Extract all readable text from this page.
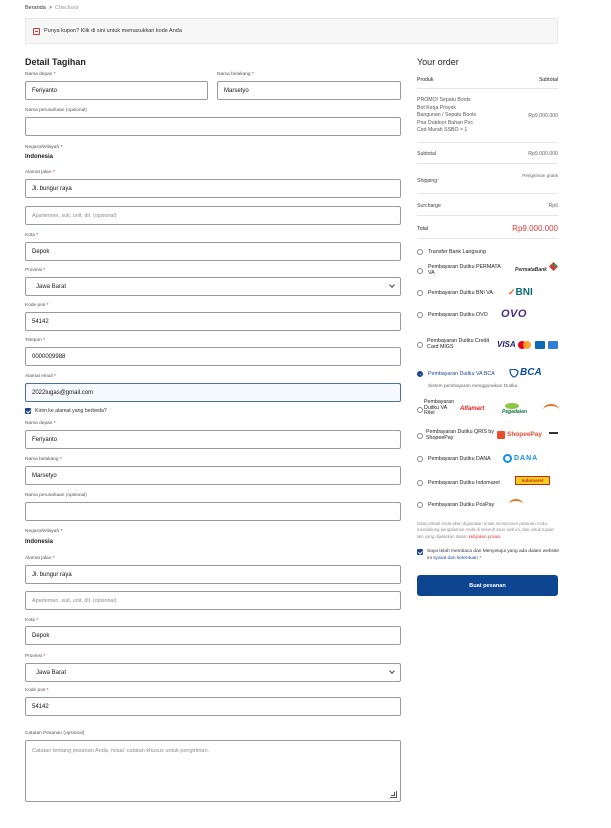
Beranda > Checkout
Punya kupon? Klik di sini untuk memasukkan kode Anda
Detail Tagihan	Your order
Nama depan *
Feriyanto
Nama belakang *
Marsetyo
Nama perusahaan (opsional)
Negara/Wilayah *
Indonesia
Alamat jalan *
Jl. bungur raya
Apartemen, suit, unit, dll. (opsional)
Kota *
Depok
Provinsi *
Jawa Barat
Kode pos *
54142
Telepon *
0000009988
Alamat email *
2022lugas@gmail.com
Kirim ke alamat yang berbeda?
Nama depan *
Feriyanto
Nama belakang *
Marsetyo
Nama perusahaan (opsional)
Negara/Wilayah *
Indonesia
Alamat jalan *
Jl. bungur raya
Apartemen, suit, unit, dll. (opsional)
Kota *
Depok
Provinsi *
Jawa Barat
Kode pos *
54142
Catatan Pesanan (opsional)
Catatan tentang pesanan Anda, misal: catatan khusus untuk pengiriman.
Produk	Subtotal
PROMO! Sepatu Boots
Bot Kerja Proyek
Bangunan / Sepatu Boots
Pria Outdoor Bahan Pvc
Cod Murah SSBO × 1
Rp9.000.000
Subtotal	Rp9.000.000
Shipping:
Pengiriman gratis
Surcharge	Rp0
Total	Rp9.000.000
Transfer Bank Langsung
Pembayaran Duitku PERMATA VA	PermataBank
Pembayaran Duitku BNI VA ✓BNI
Pembayaran Duitku OVO OVO
Pembayaran Duitku Credit Card MIGS	VISA
Pembayaran Duitku VA BCA	BCA
Sistem pembayaran menggunakan Duitku.
Pembayaran Duitku VA Ritel
Alfamart	Pegadaian
Pembayaran Duitku QRIS by ShopeePay	ShopeePay
Pembayaran Duitku DANA	DANA
Pembayaran Duitku Indomaret	Indomaret
Pembayaran Duitku PosPay
Data pribadi Anda akan digunakan untuk memproses pesanan Anda, mendukung pengalaman Anda di seluruh situs web ini, dan untuk tujuan lain yang dijelaskan dalam kebijakan privasi.
Saya telah membaca dan Menyetujui yang ada dalam website ini syarat dan ketentuan *
Buat pesanan
